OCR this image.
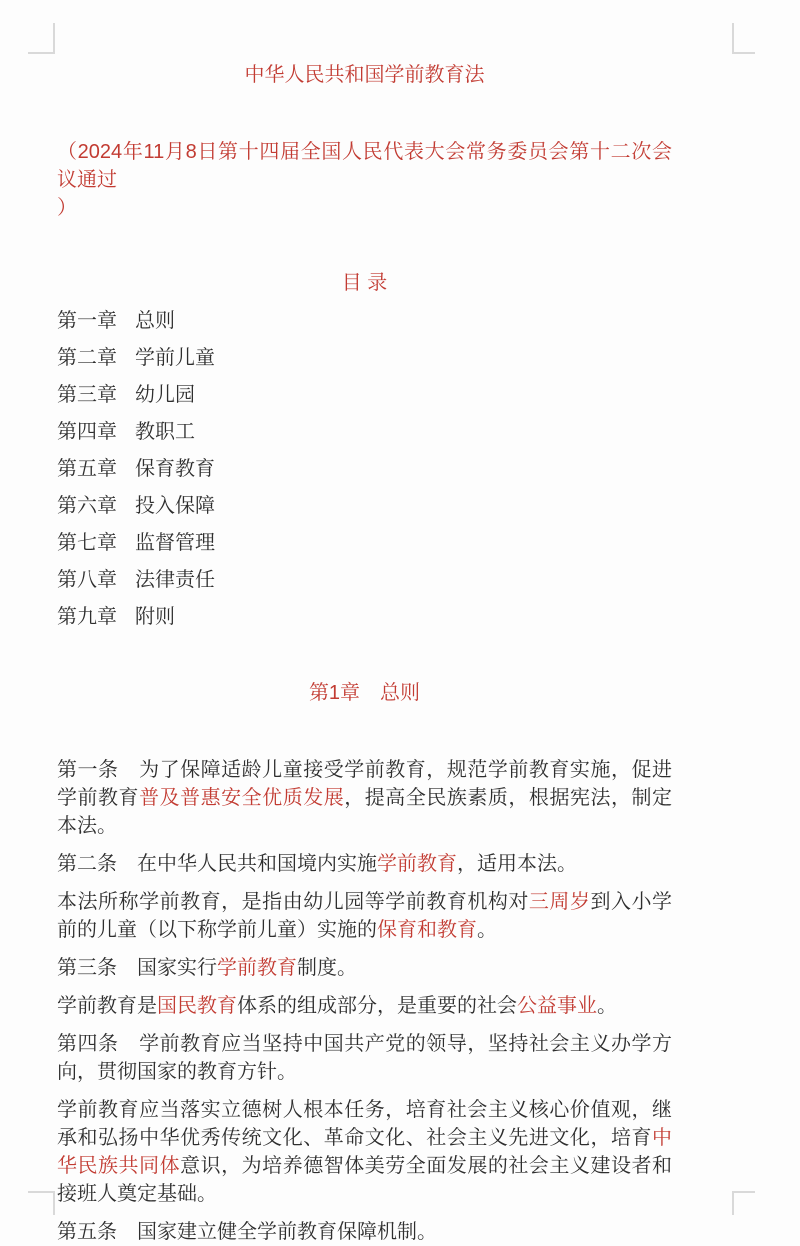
中华人民共和国学前教育法

（2024年11月8日第十四届全国人民代表大会常务委员会第十二次会议通过
）

目 录

第一章 总则

第二章 学前儿童

第三章 幼儿园

第四章 教职工

第五章 保育教育

第六章 投入保障

第七章 监督管理

第八章 法律责任

第九章 附则

第1章　总则

第一条　为了保障适龄儿童接受学前教育，规范学前教育实施，促进学前教育普及普惠安全优质发展，提高全民族素质，根据宪法，制定本法。

第二条　在中华人民共和国境内实施学前教育，适用本法。

本法所称学前教育，是指由幼儿园等学前教育机构对三周岁到入小学前的儿童（以下称学前儿童）实施的保育和教育。

第三条　国家实行学前教育制度。

学前教育是国民教育体系的组成部分，是重要的社会公益事业。

第四条　学前教育应当坚持中国共产党的领导，坚持社会主义办学方向，贯彻国家的教育方针。

学前教育应当落实立德树人根本任务，培育社会主义核心价值观，继承和弘扬中华优秀传统文化、革命文化、社会主义先进文化，培育中华民族共同体意识，为培养德智体美劳全面发展的社会主义建设者和接班人奠定基础。

第五条　国家建立健全学前教育保障机制。
